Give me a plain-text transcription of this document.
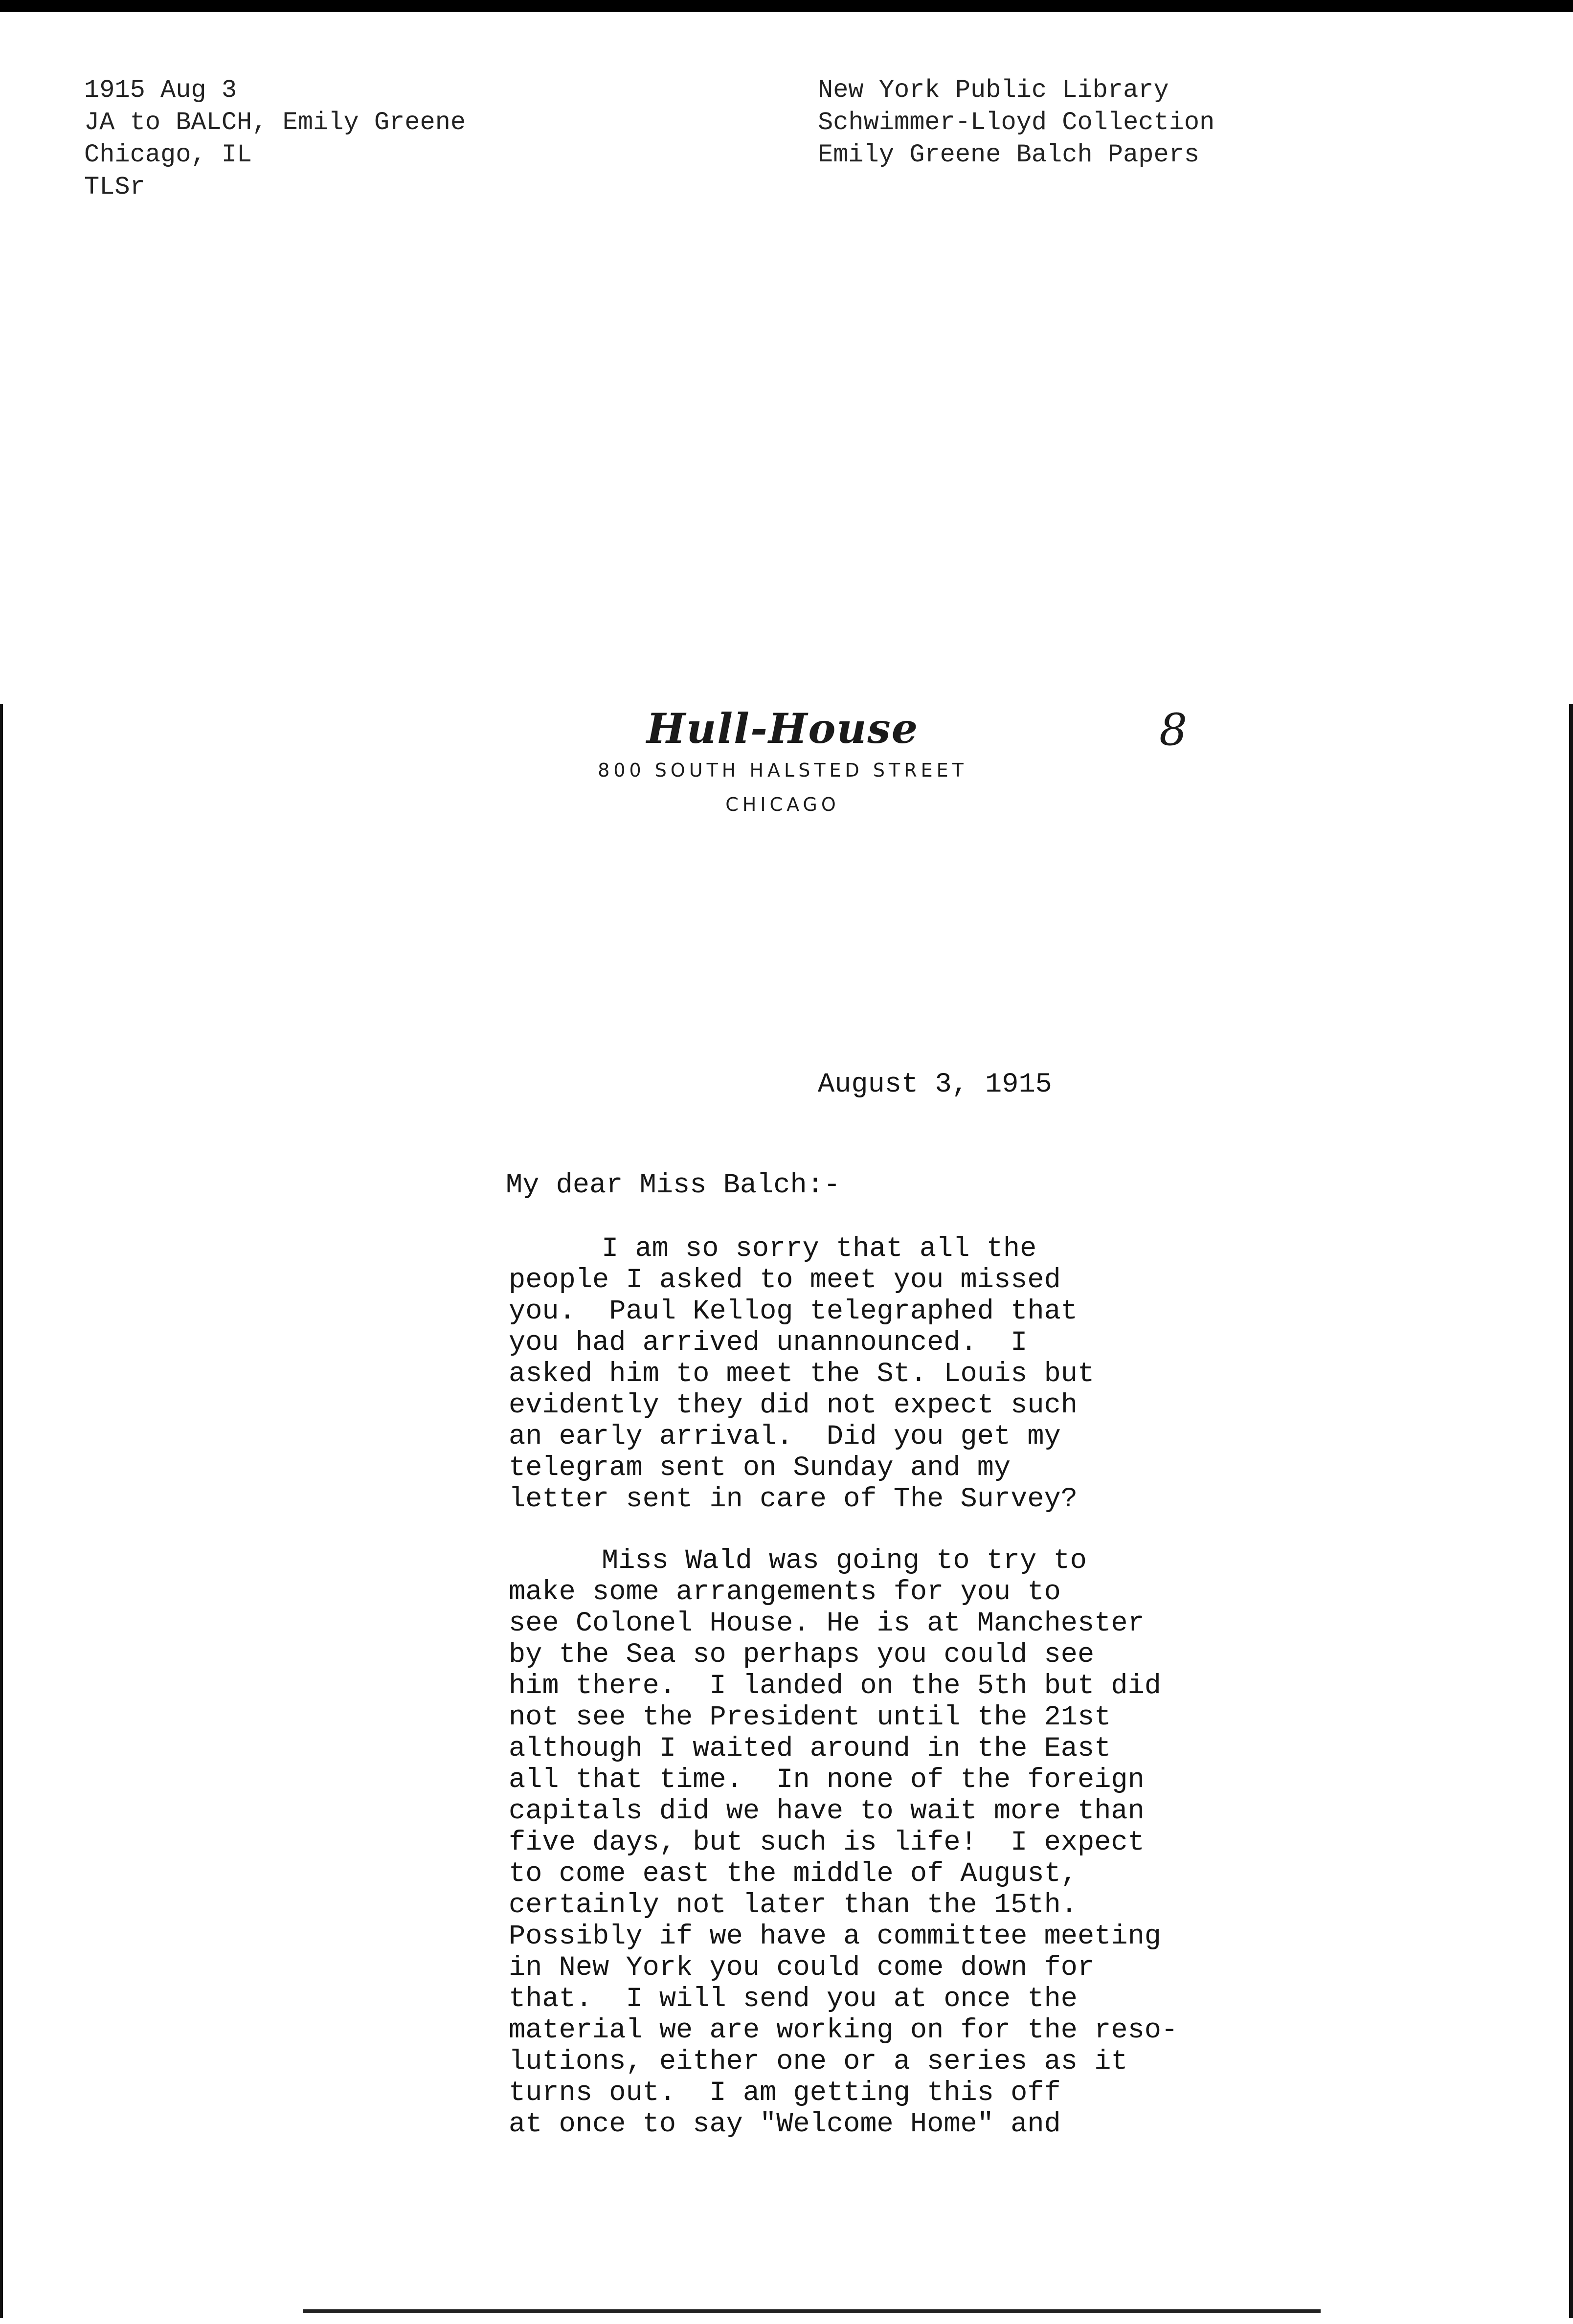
1915 Aug 3
JA to BALCH, Emily Greene
Chicago, IL
TLSr
New York Public Library
Schwimmer-Lloyd Collection
Emily Greene Balch Papers
Hull-House
800 SOUTH HALSTED STREET
CHICAGO
8
August 3, 1915
My dear Miss Balch:-
I am so sorry that all the
people I asked to meet you missed
you.  Paul Kellog telegraphed that
you had arrived unannounced.  I
asked him to meet the St. Louis but
evidently they did not expect such
an early arrival.  Did you get my
telegram sent on Sunday and my
letter sent in care of The Survey?
Miss Wald was going to try to
make some arrangements for you to
see Colonel House. He is at Manchester
by the Sea so perhaps you could see
him there.  I landed on the 5th but did
not see the President until the 21st
although I waited around in the East
all that time.  In none of the foreign
capitals did we have to wait more than
five days, but such is life!  I expect
to come east the middle of August,
certainly not later than the 15th.
Possibly if we have a committee meeting
in New York you could come down for
that.  I will send you at once the
material we are working on for the reso-
lutions, either one or a series as it
turns out.  I am getting this off
at once to say "Welcome Home" and
